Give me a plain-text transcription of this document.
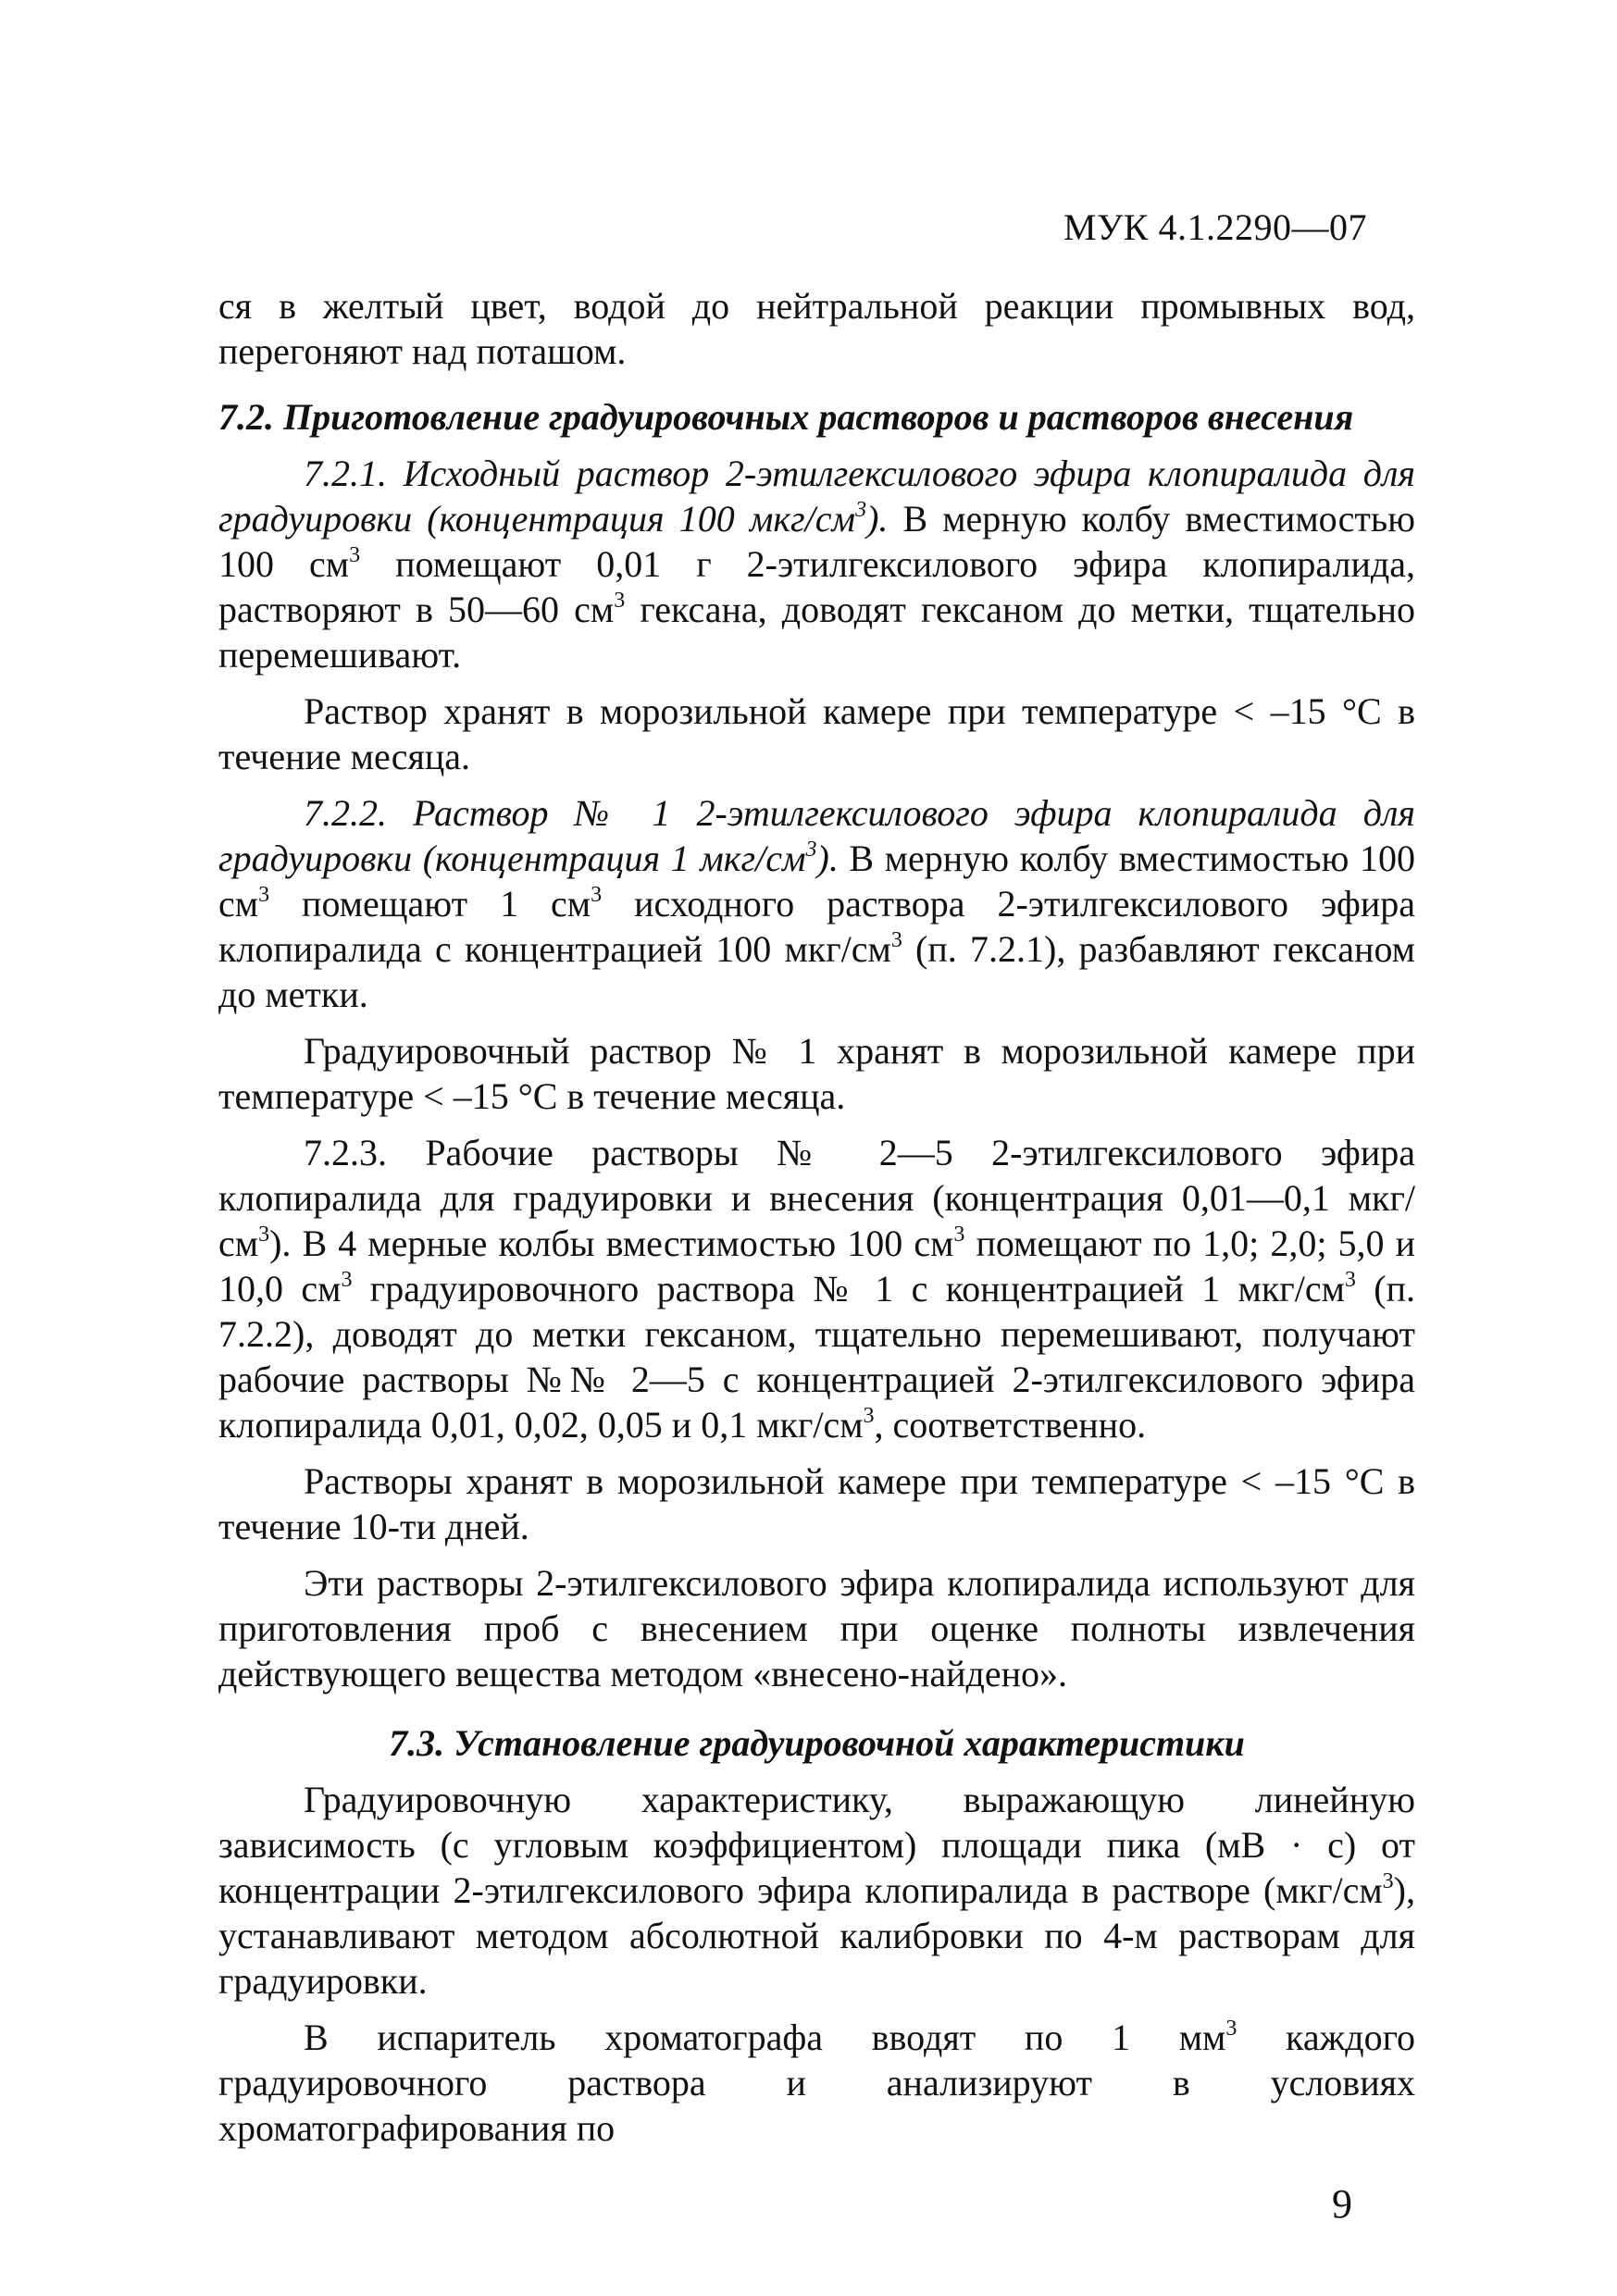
МУК 4.1.2290—07

ся в желтый цвет, водой до нейтральной реакции промывных вод, перегоняют над поташом.

7.2. Приготовление градуировочных растворов и растворов внесения

7.2.1. Исходный раствор 2-этилгексилового эфира клопиралида для градуировки (концентрация 100 мкг/$см^3$). В мерную колбу вместимостью 100 $см^3$ помещают 0,01 г 2-этилгексилового эфира клопиралида, растворяют в 50—60 $см^3$ гексана, доводят гексаном до метки, тщательно перемешивают.

Раствор хранят в морозильной камере при температуре < –15 °С в течение месяца.

7.2.2. Раствор № 1 2-этилгексилового эфира клопиралида для градуировки (концентрация 1 мкг/$см^3$). В мерную колбу вместимостью 100 $см^3$ помещают 1 $см^3$ исходного раствора 2-этилгексилового эфира клопиралида с концентрацией 100 мкг/$см^3$ (п. 7.2.1), разбавляют гексаном до метки.

Градуировочный раствор № 1 хранят в морозильной камере при температуре < –15 °С в течение месяца.

7.2.3. Рабочие растворы № 2—5 2-этилгексилового эфира клопиралида для градуировки и внесения (концентрация 0,01—0,1 мкг/$см^3$). В 4 мерные колбы вместимостью 100 $см^3$ помещают по 1,0; 2,0; 5,0 и 10,0 $см^3$ градуировочного раствора № 1 с концентрацией 1 мкг/$см^3$ (п. 7.2.2), доводят до метки гексаном, тщательно перемешивают, получают рабочие растворы №№ 2—5 с концентрацией 2-этилгексилового эфира клопиралида 0,01, 0,02, 0,05 и 0,1 мкг/$см^3$, соответственно.

Растворы хранят в морозильной камере при температуре < –15 °С в течение 10-ти дней.

Эти растворы 2-этилгексилового эфира клопиралида используют для приготовления проб с внесением при оценке полноты извлечения действующего вещества методом «внесено-найдено».

7.3. Установление градуировочной характеристики

Градуировочную характеристику, выражающую линейную зависимость (с угловым коэффициентом) площади пика (мВ · с) от концентрации 2-этилгексилового эфира клопиралида в растворе $(мкг/см^3)$, устанавливают методом абсолютной калибровки по 4-м растворам для градуировки.

В испаритель хроматографа вводят по 1 $мм^3$ каждого градуировочного раствора и анализируют в условиях хроматографирования по

9
